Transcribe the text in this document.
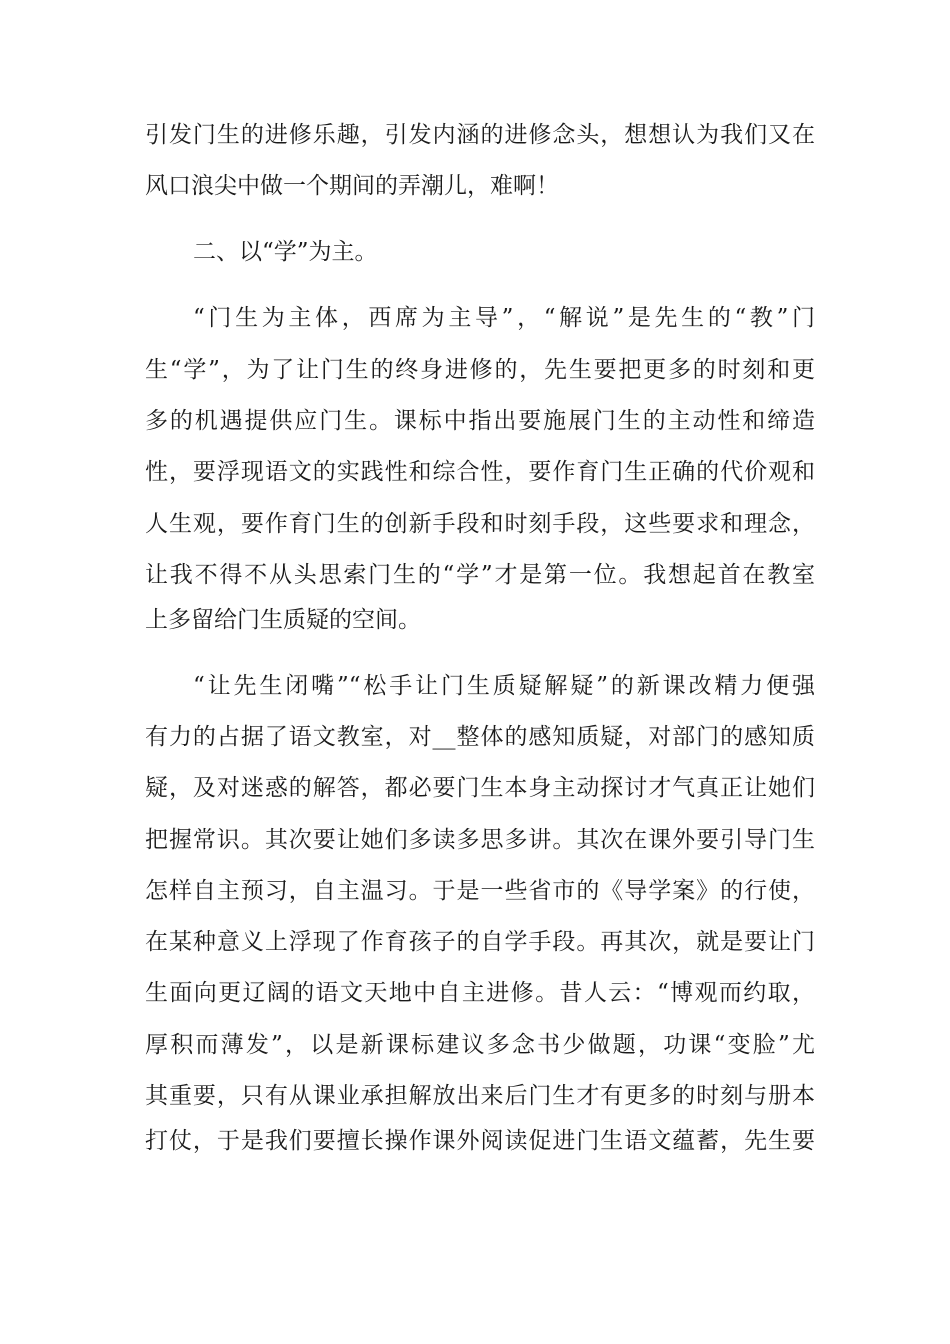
引发门生的进修乐趣，引发内涵的进修念头，想想认为我们又在
风口浪尖中做一个期间的弄潮儿，难啊！
二、以“学”为主。
“门生为主体，西席为主导”，“解说”是先生的“教”门
生“学”，为了让门生的终身进修的，先生要把更多的时刻和更
多的机遇提供应门生。课标中指出要施展门生的主动性和缔造
性，要浮现语文的实践性和综合性，要作育门生正确的代价观和
人生观，要作育门生的创新手段和时刻手段，这些要求和理念，
让我不得不从头思索门生的“学”才是第一位。我想起首在教室
上多留给门生质疑的空间。
“让先生闭嘴”“松手让门生质疑解疑”的新课改精力便强
有力的占据了语文教室，对__整体的感知质疑，对部门的感知质
疑，及对迷惑的解答，都必要门生本身主动探讨才气真正让她们
把握常识。其次要让她们多读多思多讲。其次在课外要引导门生
怎样自主预习，自主温习。于是一些省市的《导学案》的行使，
在某种意义上浮现了作育孩子的自学手段。再其次，就是要让门
生面向更辽阔的语文天地中自主进修。昔人云：“博观而约取，
厚积而薄发”，以是新课标建议多念书少做题，功课“变脸”尤
其重要，只有从课业承担解放出来后门生才有更多的时刻与册本
打仗，于是我们要擅长操作课外阅读促进门生语文蕴蓄，先生要
